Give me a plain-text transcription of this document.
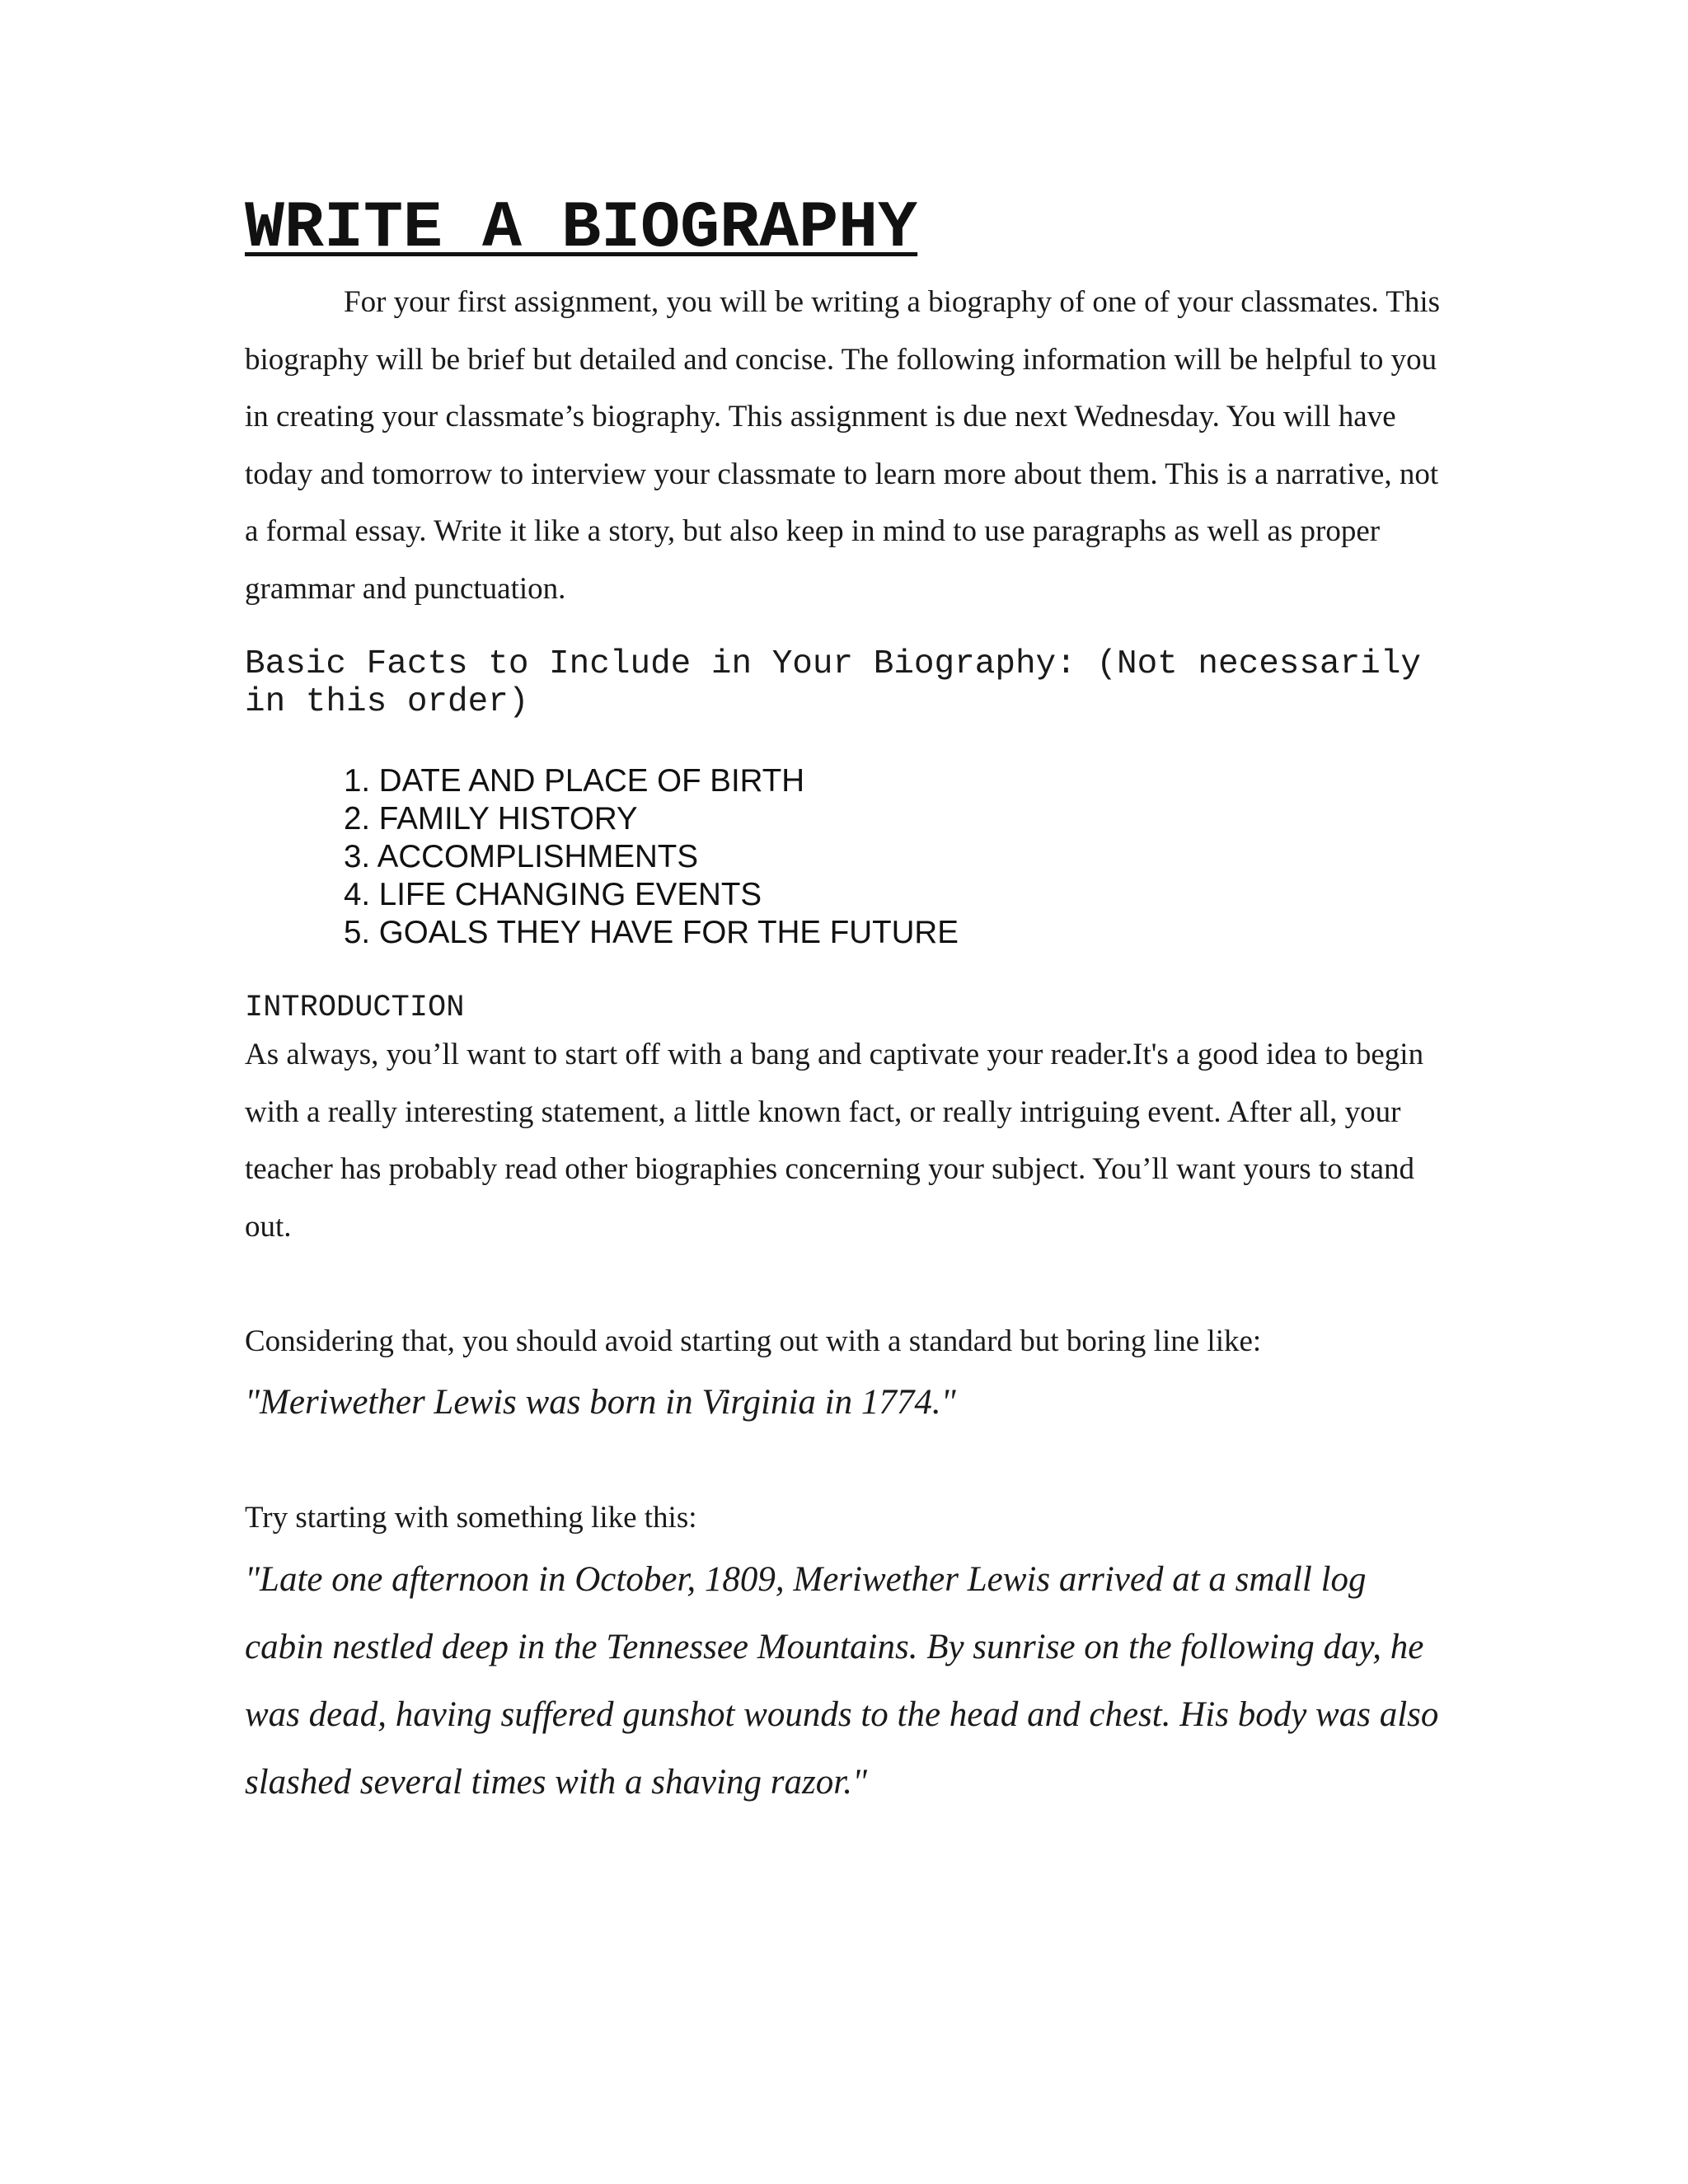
WRITE A BIOGRAPHY

For your first assignment, you will be writing a biography of one of your classmates. This biography will be brief but detailed and concise. The following information will be helpful to you in creating your classmate’s biography. This assignment is due next Wednesday. You will have today and tomorrow to interview your classmate to learn more about them. This is a narrative, not a formal essay. Write it like a story, but also keep in mind to use paragraphs as well as proper grammar and punctuation.

Basic Facts to Include in Your Biography: (Not necessarily in this order)

1. DATE AND PLACE OF BIRTH
2. FAMILY HISTORY
3. ACCOMPLISHMENTS
4. LIFE CHANGING EVENTS
5. GOALS THEY HAVE FOR THE FUTURE

INTRODUCTION

As always, you’ll want to start off with a bang and captivate your reader.It's a good idea to begin with a really interesting statement, a little known fact, or really intriguing event. After all, your teacher has probably read other biographies concerning your subject. You’ll want yours to stand out.

Considering that, you should avoid starting out with a standard but boring line like:

"Meriwether Lewis was born in Virginia in 1774."

Try starting with something like this:

"Late one afternoon in October, 1809, Meriwether Lewis arrived at a small log cabin nestled deep in the Tennessee Mountains. By sunrise on the following day, he was dead, having suffered gunshot wounds to the head and chest. His body was also slashed several times with a shaving razor."
